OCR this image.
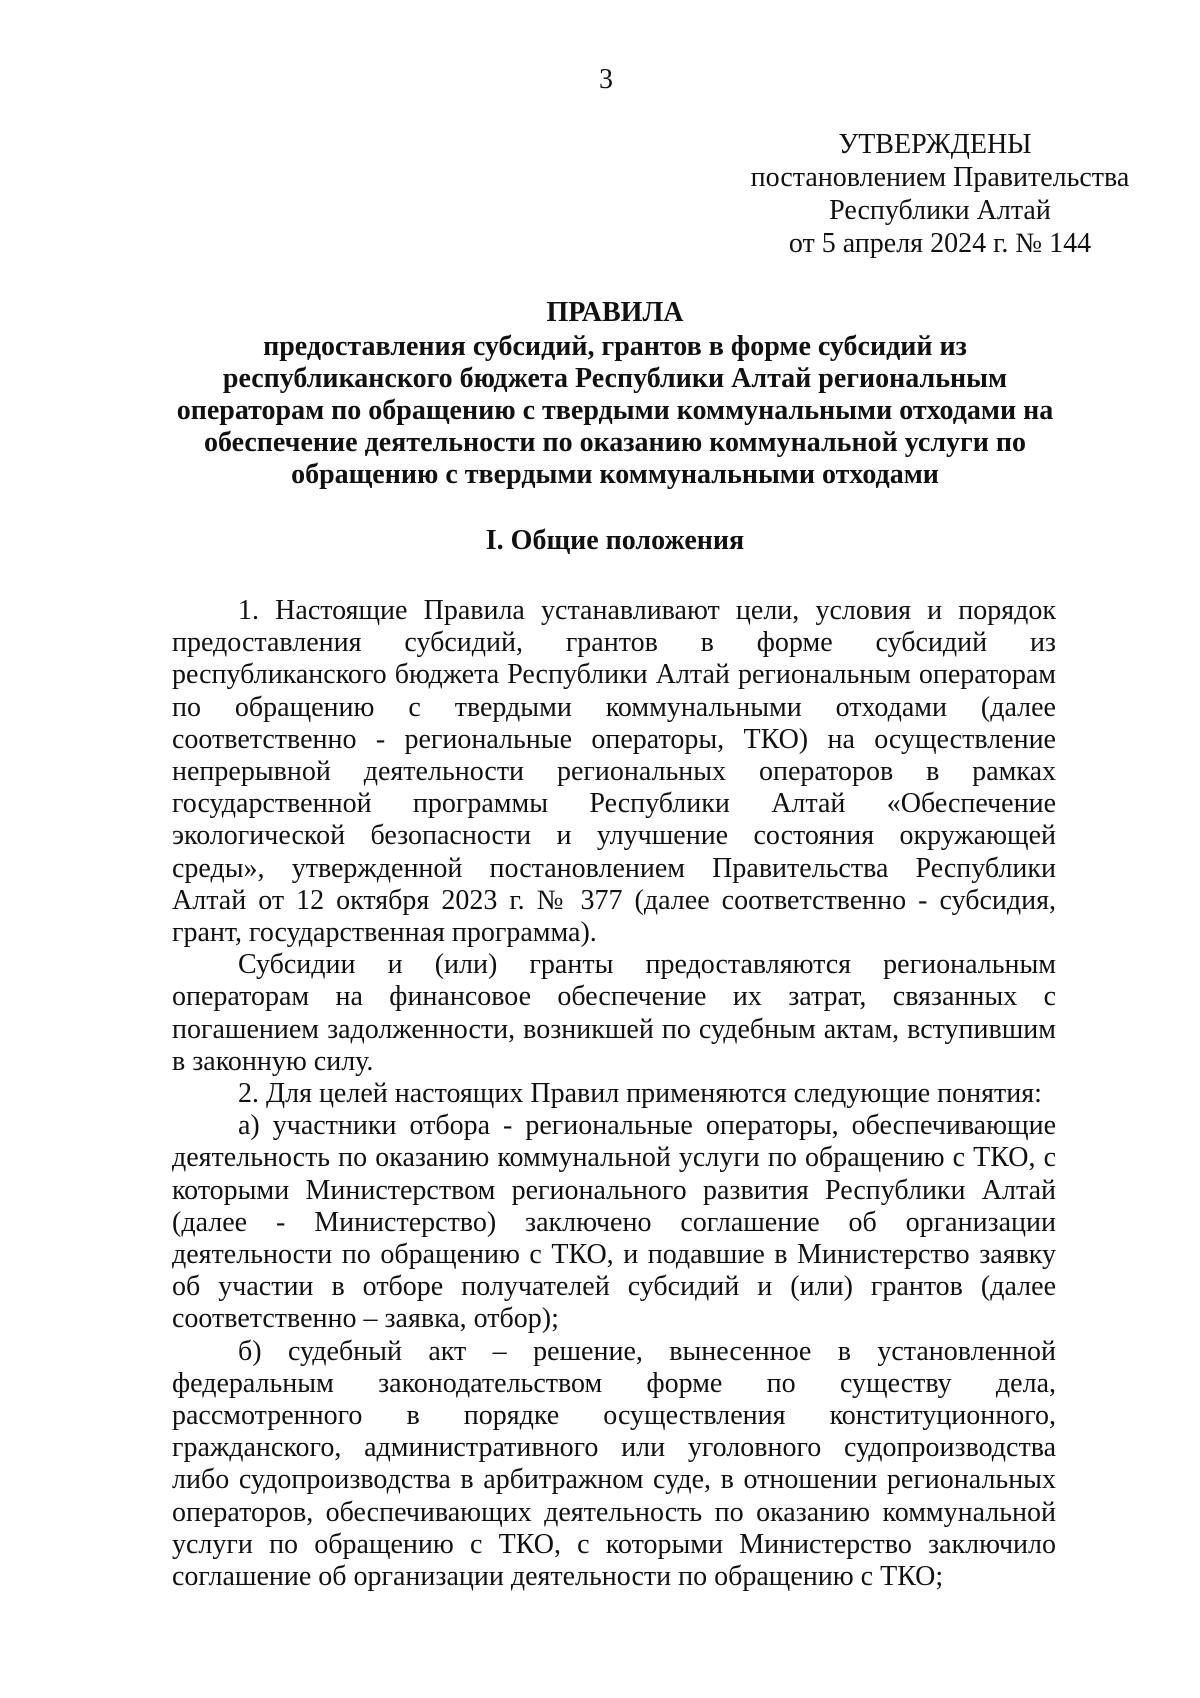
3
УТВЕРЖДЕНЫ
постановлением Правительства
Республики Алтай
от 5 апреля 2024 г. № 144
ПРАВИЛА
предоставления субсидий, грантов в форме субсидий из республиканского бюджета Республики Алтай региональным операторам по обращению с твердыми коммунальными отходами на обеспечение деятельности по оказанию коммунальной услуги по обращению с твердыми коммунальными отходами
I. Общие положения

1. Настоящие Правила устанавливают цели, условия и порядок предоставления субсидий, грантов в форме субсидий из республиканского бюджета Республики Алтай региональным операторам по обращению с твердыми коммунальными отходами (далее соответственно - региональные операторы, ТКО) на осуществление непрерывной деятельности региональных операторов в рамках государственной программы Республики Алтай «Обеспечение экологической безопасности и улучшение состояния окружающей среды», утвержденной постановлением Правительства Республики Алтай от 12 октября 2023 г. № 377 (далее соответственно - субсидия, грант, государственная программа).

Субсидии и (или) гранты предоставляются региональным операторам на финансовое обеспечение их затрат, связанных с погашением задолженности, возникшей по судебным актам, вступившим в законную силу.

2. Для целей настоящих Правил применяются следующие понятия:

а) участники отбора - региональные операторы, обеспечивающие деятельность по оказанию коммунальной услуги по обращению с ТКО, с которыми Министерством регионального развития Республики Алтай (далее - Министерство) заключено соглашение об организации деятельности по обращению с ТКО, и подавшие в Министерство заявку об участии в отборе получателей субсидий и (или) грантов (далее соответственно – заявка, отбор);

б) судебный акт – решение, вынесенное в установленной федеральным законодательством форме по существу дела, рассмотренного в порядке осуществления конституционного, гражданского, административного или уголовного судопроизводства либо судопроизводства в арбитражном суде, в отношении региональных операторов, обеспечивающих деятельность по оказанию коммунальной услуги по обращению с ТКО, с которыми Министерство заключило соглашение об организации деятельности по обращению с ТКО;
